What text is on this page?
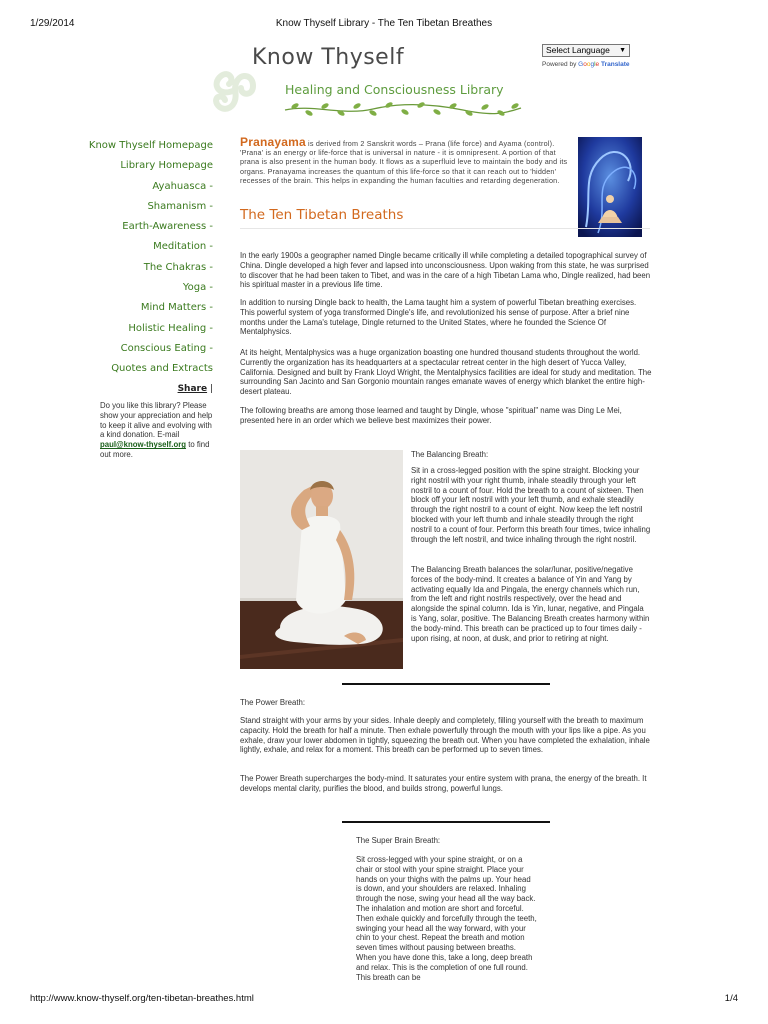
1/29/2014	Know Thyself Library - The Ten Tibetan Breathes
Know Thyself
Healing and Consciousness Library
Select Language ▼
Powered by Google Translate
Know Thyself Homepage
Library Homepage
Ayahuasca -
Shamanism -
Earth-Awareness -
Meditation -
The Chakras -
Yoga -
Mind Matters -
Holistic Healing -
Conscious Eating -
Quotes and Extracts
Share |
Do you like this library? Please show your appreciation and help to keep it alive and evolving with a kind donation. E-mail paul@know-thyself.org to find out more.
Pranayama is derived from 2 Sanskrit words – Prana (life force) and Ayama (control). 'Prana' is an energy or life-force that is universal in nature - it is omnipresent. A portion of that prana is also present in the human body. It flows as a superfluid leve to maintain the body and its organs. Pranayama increases the quantum of this life-force so that it can reach out to 'hidden' recesses of the brain. This helps in expanding the human faculties and retarding degeneration.
The Ten Tibetan Breaths

In the early 1900s a geographer named Dingle became critically ill while completing a detailed topographical survey of China. Dingle developed a high fever and lapsed into unconsciousness. Upon waking from this state, he was surprised to discover that he had been taken to Tibet, and was in the care of a high Tibetan Lama who, Dingle realized, had been his spiritual master in a previous life time.

In addition to nursing Dingle back to health, the Lama taught him a system of powerful Tibetan breathing exercises. This powerful system of yoga transformed Dingle's life, and revolutionized his sense of purpose. After a brief nine months under the Lama's tutelage, Dingle returned to the United States, where he founded the Science Of Mentalphysics.

At its height, Mentalphysics was a huge organization boasting one hundred thousand students throughout the world. Currently the organization has its headquarters at a spectacular retreat center in the high desert of Yucca Valley, California. Designed and built by Frank Lloyd Wright, the Mentalphysics facilities are ideal for study and meditation. The surrounding San Jacinto and San Gorgonio mountain ranges emanate waves of energy which blanket the entire high-desert plateau.

The following breaths are among those learned and taught by Dingle, whose "spiritual" name was Ding Le Mei, presented here in an order which we believe best maximizes their power.

The Balancing Breath:

Sit in a cross-legged position with the spine straight. Blocking your right nostril with your right thumb, inhale steadily through your left nostril to a count of four. Hold the breath to a count of sixteen. Then block off your left nostril with your left thumb, and exhale steadily through the right nostril to a count of eight. Now keep the left nostril blocked with your left thumb and inhale steadily through the right nostril to a count of four. Perform this breath four times, twice inhaling through the left nostril, and twice inhaling through the right nostril.

The Balancing Breath balances the solar/lunar, positive/negative forces of the body-mind. It creates a balance of Yin and Yang by activating equally Ida and Pingala, the energy channels which run, from the left and right nostrils respectively, over the head and alongside the spinal column. Ida is Yin, lunar, negative, and Pingala is Yang, solar, positive. The Balancing Breath creates harmony within the body-mind. This breath can be practiced up to four times daily - upon rising, at noon, at dusk, and prior to retiring at night.

The Power Breath:

Stand straight with your arms by your sides. Inhale deeply and completely, filling yourself with the breath to maximum capacity. Hold the breath for half a minute. Then exhale powerfully through the mouth with your lips like a pipe. As you exhale, draw your lower abdomen in tightly, squeezing the breath out. When you have completed the exhalation, inhale lightly, exhale, and relax for a moment. This breath can be performed up to seven times.

The Power Breath supercharges the body-mind. It saturates your entire system with prana, the energy of the breath. It develops mental clarity, purifies the blood, and builds strong, powerful lungs.

The Super Brain Breath:

Sit cross-legged with your spine straight, or on a chair or stool with your spine straight. Place your hands on your thighs with the palms up. Your head is down, and your shoulders are relaxed. Inhaling through the nose, swing your head all the way back. The inhalation and motion are short and forceful. Then exhale quickly and forcefully through the teeth, swinging your head all the way forward, with your chin to your chest. Repeat the breath and motion seven times without pausing between breaths. When you have done this, take a long, deep breath and relax. This is the completion of one full round. This breath can be

http://www.know-thyself.org/ten-tibetan-breathes.html	1/4
